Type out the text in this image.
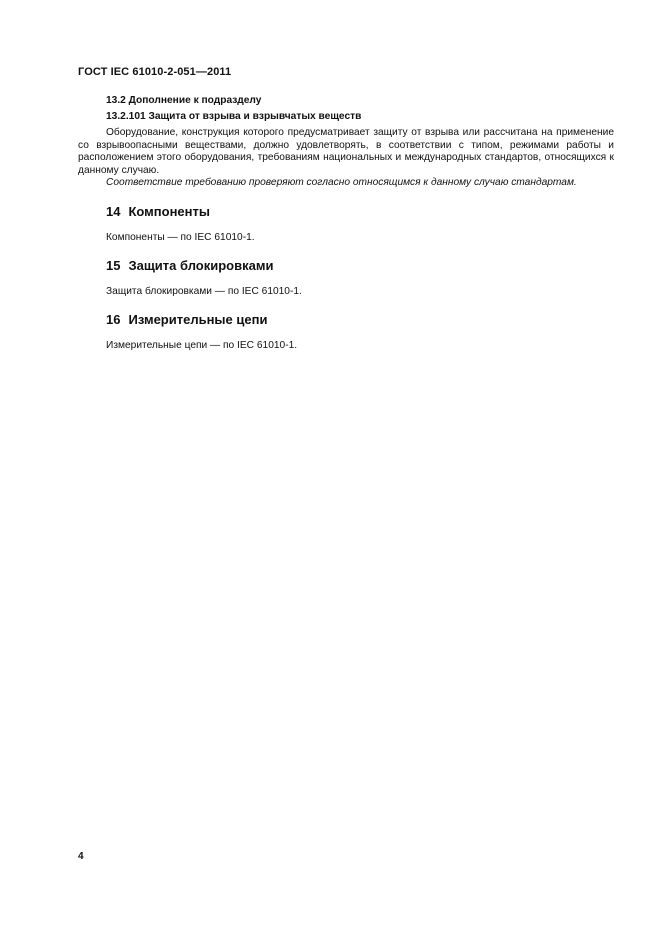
ГОСТ IEC 61010-2-051—2011
13.2 Дополнение к подразделу
13.2.101 Защита от взрыва и взрывчатых веществ

Оборудование, конструкция которого предусматривает защиту от взрыва или рассчитана на применение со взрывоопасными веществами, должно удовлетворять, в соответствии с типом, режимами работы и расположением этого оборудования, требованиям национальных и международных стандартов, относящихся к данному случаю.

Соответствие требованию проверяют согласно относящимся к данному случаю стандартам.

14 Компоненты
Компоненты — по IEC 61010-1.
15 Защита блокировками
Защита блокировками — по IEC 61010-1.
16 Измерительные цепи
Измерительные цепи — по IEC 61010-1.
4
